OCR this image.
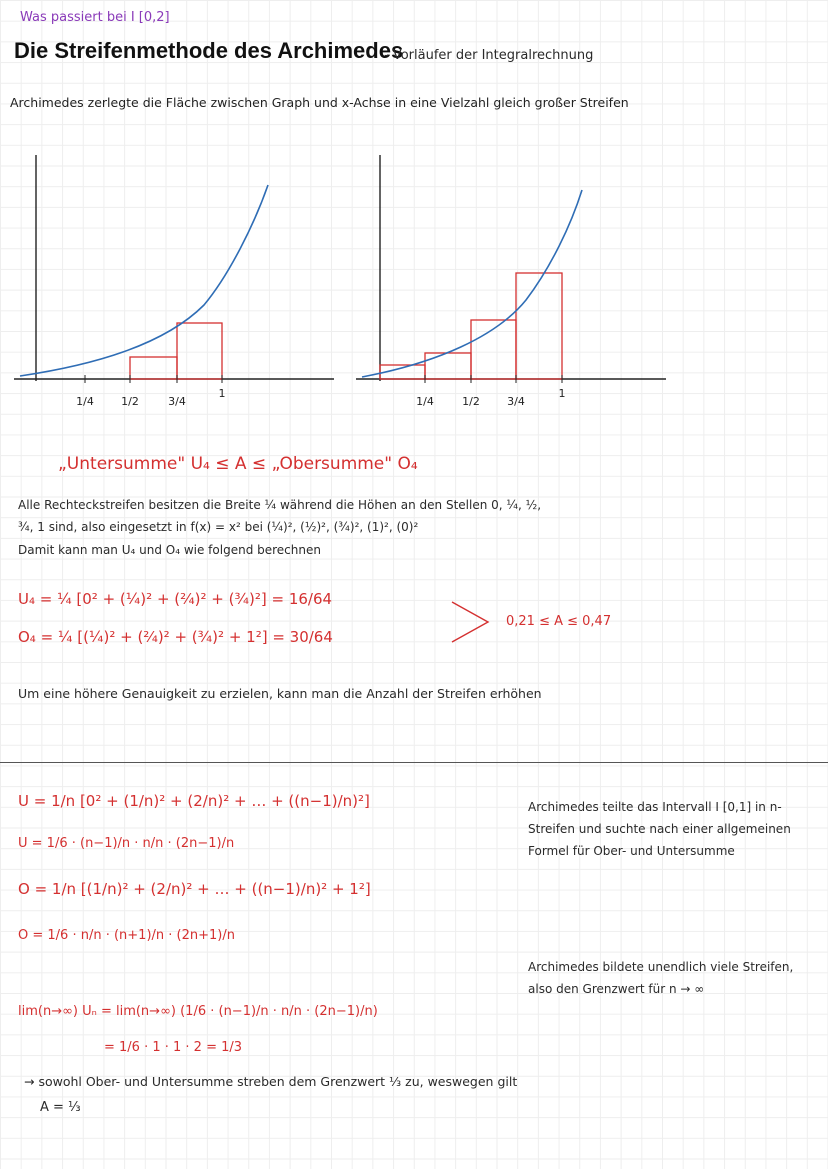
Was passiert bei I [0,2]
Die Streifenmethode des Archimedes
- Vorläufer der Integralrechnung
Archimedes zerlegte die Fläche zwischen Graph und x-Achse in eine Vielzahl gleich großer Streifen
1/4 1/2	3/4
1
1/4	1/2 3/4
1
„Untersumme" U₄ ≤ A ≤ „Obersumme" O₄
Alle Rechteckstreifen besitzen die Breite ¼ während die Höhen an den Stellen 0, ¼, ½,
¾, 1 sind, also eingesetzt in f(x) = x² bei (¼)², (½)², (¾)², (1)², (0)²
Damit kann man U₄ und O₄ wie folgend berechnen
U₄ = ¼ [0² + (¼)² + (²⁄₄)² + (¾)²] = 16/64
O₄ = ¼ [(¼)² + (²⁄₄)² + (¾)² + 1²] = 30/64
0,21 ≤ A ≤ 0,47
Um eine höhere Genauigkeit zu erzielen, kann man die Anzahl der Streifen erhöhen
U = 1/n [0² + (1/n)² + (2/n)² + … + ((n−1)/n)²]
U = 1/6 · (n−1)/n · n/n · (2n−1)/n
O = 1/n [(1/n)² + (2/n)² + … + ((n−1)/n)² + 1²]
O = 1/6 · n/n · (n+1)/n · (2n+1)/n
lim(n→∞) Uₙ = lim(n→∞) (1/6 · (n−1)/n · n/n · (2n−1)/n)
= 1/6 · 1 · 1 · 2 = 1/3
Archimedes teilte das Intervall I [0,1] in n-Streifen und suchte nach einer allgemeinen Formel für Ober- und Untersumme
Archimedes bildete unendlich viele Streifen, also den Grenzwert für n → ∞
→ sowohl Ober- und Untersumme streben dem Grenzwert ⅓ zu, weswegen gilt
A = ⅓
